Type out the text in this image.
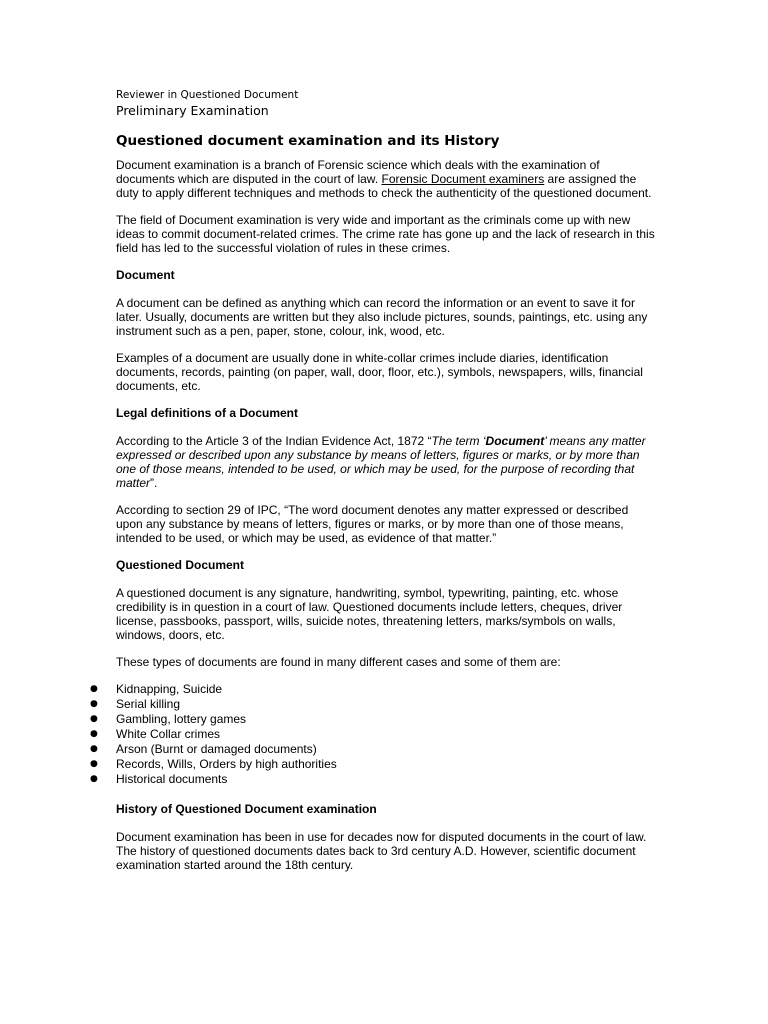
Reviewer in Questioned Document
Preliminary Examination
Questioned document examination and its History

Document examination is a branch of Forensic science which deals with the examination of documents which are disputed in the court of law. Forensic Document examiners are assigned the duty to apply different techniques and methods to check the authenticity of the questioned document.

The field of Document examination is very wide and important as the criminals come up with new ideas to commit document-related crimes. The crime rate has gone up and the lack of research in this field has led to the successful violation of rules in these crimes.

Document

A document can be defined as anything which can record the information or an event to save it for later. Usually, documents are written but they also include pictures, sounds, paintings, etc. using any instrument such as a pen, paper, stone, colour, ink, wood, etc.

Examples of a document are usually done in white-collar crimes include diaries, identification documents, records, painting (on paper, wall, door, floor, etc.), symbols, newspapers, wills, financial documents, etc.

Legal definitions of a Document

According to the Article 3 of the Indian Evidence Act, 1872 “The term ‘Document’ means any matter expressed or described upon any substance by means of letters, figures or marks, or by more than one of those means, intended to be used, or which may be used, for the purpose of recording that matter”.

According to section 29 of IPC, “The word document denotes any matter expressed or described upon any substance by means of letters, figures or marks, or by more than one of those means, intended to be used, or which may be used, as evidence of that matter.”

Questioned Document

A questioned document is any signature, handwriting, symbol, typewriting, painting, etc. whose credibility is in question in a court of law. Questioned documents include letters, cheques, driver license, passbooks, passport, wills, suicide notes, threatening letters, marks/symbols on walls, windows, doors, etc.

These types of documents are found in many different cases and some of them are:

●	Kidnapping, Suicide
●	Serial killing
●	Gambling, lottery games
●	White Collar crimes
●	Arson (Burnt or damaged documents)
●	Records, Wills, Orders by high authorities
●	Historical documents
History of Questioned Document examination

Document examination has been in use for decades now for disputed documents in the court of law. The history of questioned documents dates back to 3rd century A.D. However, scientific document examination started around the 18th century.
